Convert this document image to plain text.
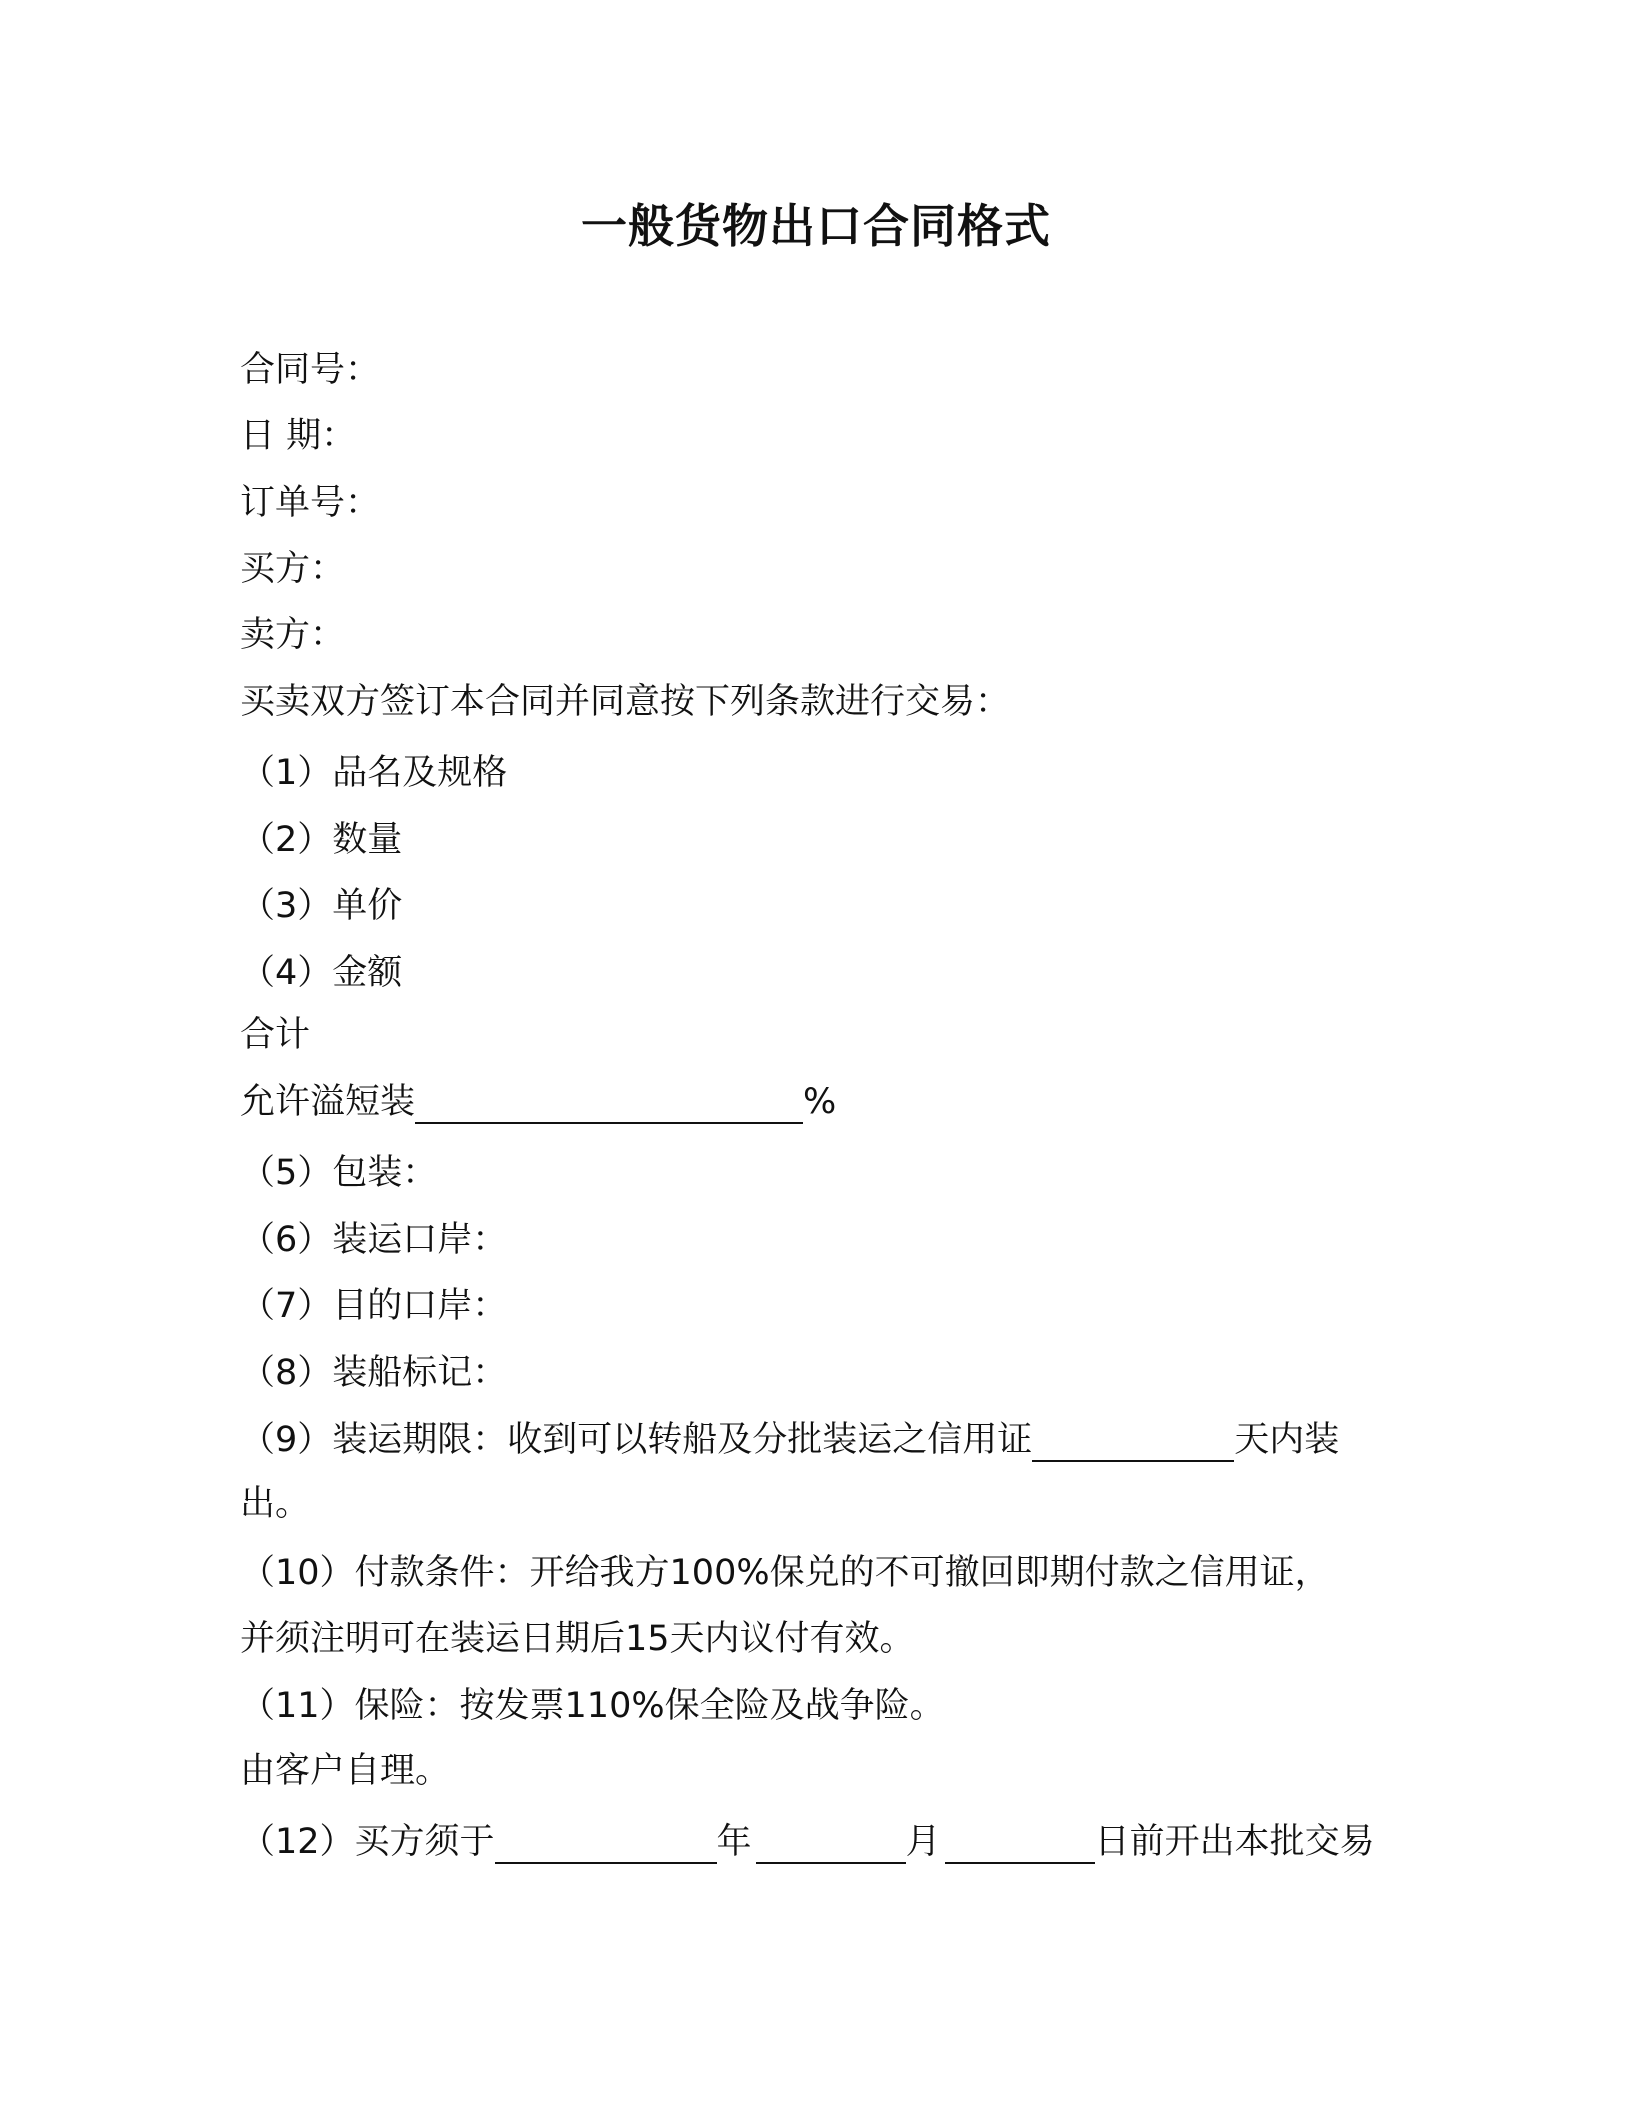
一般货物出口合同格式
合同号：
日 期：
订单号：
买方：
卖方：
买卖双方签订本合同并同意按下列条款进行交易：
（1）品名及规格
（2）数量
（3）单价
（4）金额
合计
允许溢短装	%
（5）包装：
（6）装运口岸：
（7）目的口岸：
（8）装船标记：
（9）装运期限：收到可以转船及分批装运之信用证	天内装
出。
（10）付款条件：开给我方100%保兑的不可撤回即期付款之信用证，
并须注明可在装运日期后15天内议付有效。
（11）保险：按发票110%保全险及战争险。
由客户自理。
（12）买方须于	年	月	日前开出本批交易
